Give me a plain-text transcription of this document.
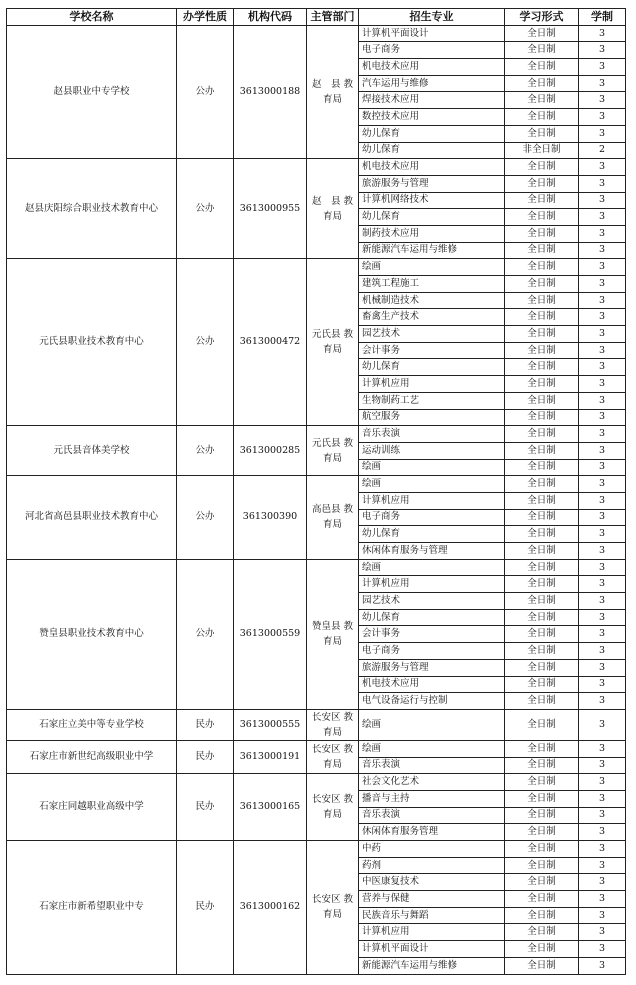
学校名称	办学性质	机构代码	主管部门	招生专业	学习形式	学制
赵县职业中专学校	公办	3613000188	赵　县 教育局	计算机平面设计	全日制	3
				电子商务	全日制	3
				机电技术应用	全日制	3
				汽车运用与维修	全日制	3
				焊接技术应用	全日制	3
				数控技术应用	全日制	3
				幼儿保育	全日制	3
				幼儿保育	非全日制	2
赵县庆阳综合职业技术教育中心	公办	3613000955	赵　县 教育局	机电技术应用	全日制	3
				旅游服务与管理	全日制	3
				计算机网络技术	全日制	3
				幼儿保育	全日制	3
				制药技术应用	全日制	3
				新能源汽车运用与维修	全日制	3
元氏县职业技术教育中心	公办	3613000472	元氏县 教育局	绘画	全日制	3
				建筑工程施工	全日制	3
				机械制造技术	全日制	3
				畜禽生产技术	全日制	3
				园艺技术	全日制	3
				会计事务	全日制	3
				幼儿保育	全日制	3
				计算机应用	全日制	3
				生物制药工艺	全日制	3
				航空服务	全日制	3
元氏县音体美学校	公办	3613000285	元氏县 教育局	音乐表演	全日制	3
				运动训练	全日制	3
				绘画	全日制	3
河北省高邑县职业技术教育中心	公办	361300390	高邑县 教育局	绘画	全日制	3
				计算机应用	全日制	3
				电子商务	全日制	3
				幼儿保育	全日制	3
				休闲体育服务与管理	全日制	3
赞皇县职业技术教育中心	公办	3613000559	赞皇县 教育局	绘画	全日制	3
				计算机应用	全日制	3
				园艺技术	全日制	3
				幼儿保育	全日制	3
				会计事务	全日制	3
				电子商务	全日制	3
				旅游服务与管理	全日制	3
				机电技术应用	全日制	3
				电气设备运行与控制	全日制	3
石家庄立美中等专业学校	民办	3613000555	长安区 教育局	绘画	全日制	3
石家庄市新世纪高级职业中学	民办	3613000191	长安区 教育局	绘画	全日制	3
				音乐表演	全日制	3
石家庄同越职业高级中学	民办	3613000165	长安区 教育局	社会文化艺术	全日制	3
				播音与主持	全日制	3
				音乐表演	全日制	3
				休闲体育服务管理	全日制	3
石家庄市新希望职业中专	民办	3613000162	长安区 教育局	中药	全日制	3
				药剂	全日制	3
				中医康复技术	全日制	3
				营养与保健	全日制	3
				民族音乐与舞蹈	全日制	3
				计算机应用	全日制	3
				计算机平面设计	全日制	3
				新能源汽车运用与维修	全日制	3
